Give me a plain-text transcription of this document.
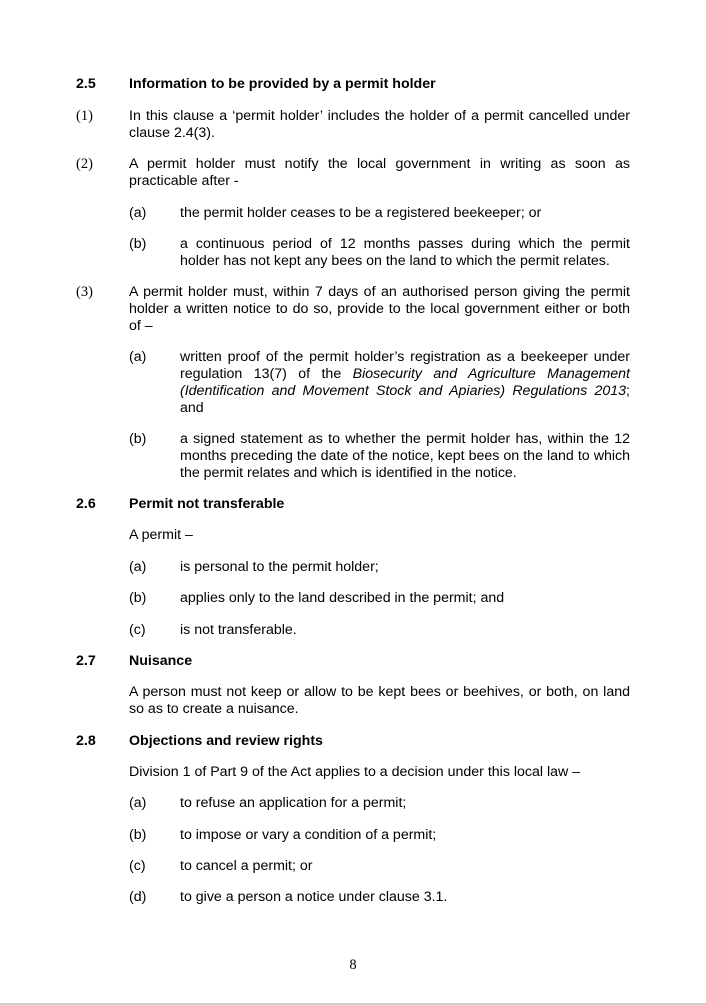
2.5 Information to be provided by a permit holder
(1)	In this clause a ‘permit holder’ includes the holder of a permit cancelled under clause 2.4(3).
(2)	A permit holder must notify the local government in writing as soon as practicable after -
(a) the permit holder ceases to be a registered beekeeper; or
(b) a continuous period of 12 months passes during which the permit holder has not kept any bees on the land to which the permit relates.
(3)	A permit holder must, within 7 days of an authorised person giving the permit holder a written notice to do so, provide to the local government either or both of –
(a) written proof of the permit holder’s registration as a beekeeper under regulation 13(7) of the Biosecurity and Agriculture Management (Identification and Movement Stock and Apiaries) Regulations 2013; and
(b) a signed statement as to whether the permit holder has, within the 12 months preceding the date of the notice, kept bees on the land to which the permit relates and which is identified in the notice.
2.6 Permit not transferable
A permit –
(a) is personal to the permit holder;
(b) applies only to the land described in the permit; and
(c) is not transferable.
2.7 Nuisance
A person must not keep or allow to be kept bees or beehives, or both, on land so as to create a nuisance.
2.8 Objections and review rights
Division 1 of Part 9 of the Act applies to a decision under this local law –
(a) to refuse an application for a permit;
(b) to impose or vary a condition of a permit;
(c) to cancel a permit; or
(d) to give a person a notice under clause 3.1.
8
